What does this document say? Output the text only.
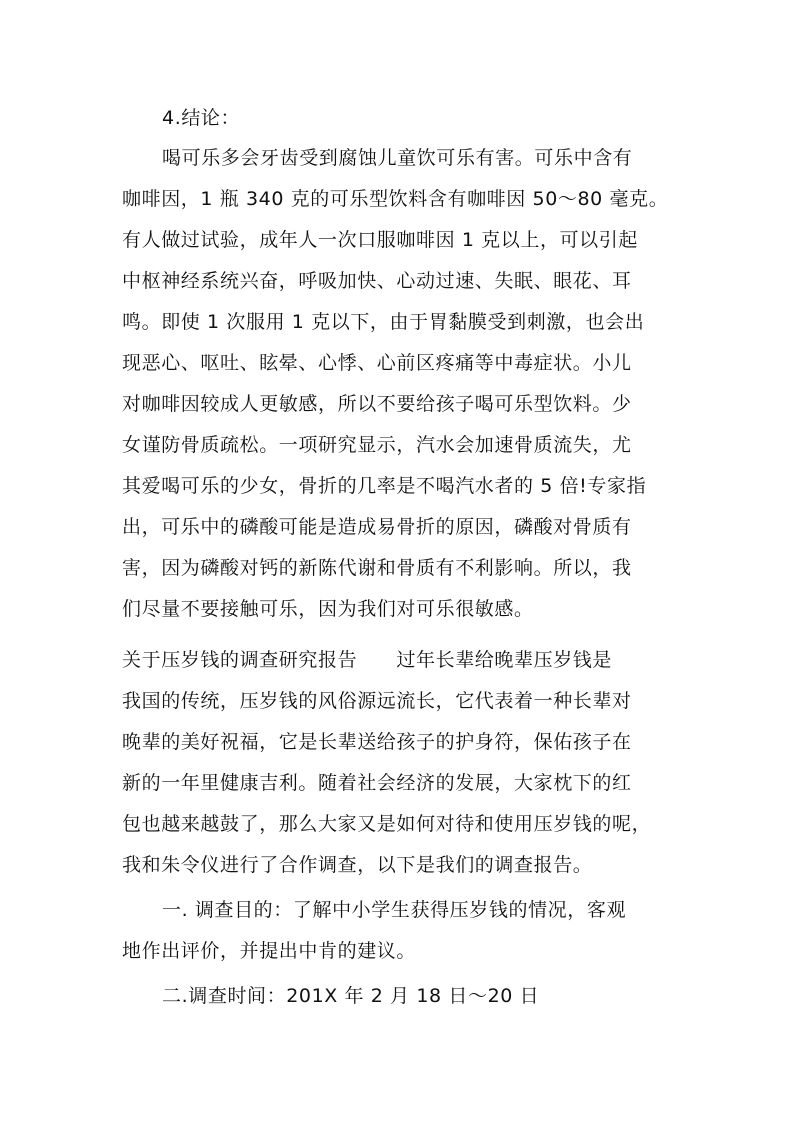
4.结论：
喝可乐多会牙齿受到腐蚀儿童饮可乐有害。可乐中含有
咖啡因，1 瓶 340 克的可乐型饮料含有咖啡因 50～80 毫克。
有人做过试验，成年人一次口服咖啡因 1 克以上，可以引起
中枢神经系统兴奋，呼吸加快、心动过速、失眠、眼花、耳
鸣。即使 1 次服用 1 克以下，由于胃黏膜受到刺激，也会出
现恶心、呕吐、眩晕、心悸、心前区疼痛等中毒症状。小儿
对咖啡因较成人更敏感，所以不要给孩子喝可乐型饮料。少
女谨防骨质疏松。一项研究显示，汽水会加速骨质流失，尤
其爱喝可乐的少女，骨折的几率是不喝汽水者的 5 倍!专家指
出，可乐中的磷酸可能是造成易骨折的原因，磷酸对骨质有
害，因为磷酸对钙的新陈代谢和骨质有不利影响。所以，我
们尽量不要接触可乐，因为我们对可乐很敏感。
关于压岁钱的调查研究报告　　过年长辈给晚辈压岁钱是
我国的传统，压岁钱的风俗源远流长，它代表着一种长辈对
晚辈的美好祝福，它是长辈送给孩子的护身符，保佑孩子在
新的一年里健康吉利。随着社会经济的发展，大家枕下的红
包也越来越鼓了，那么大家又是如何对待和使用压岁钱的呢，
我和朱令仪进行了合作调查，以下是我们的调查报告。
一. 调查目的：了解中小学生获得压岁钱的情况，客观
地作出评价，并提出中肯的建议。
二.调查时间：201X 年 2 月 18 日～20 日
